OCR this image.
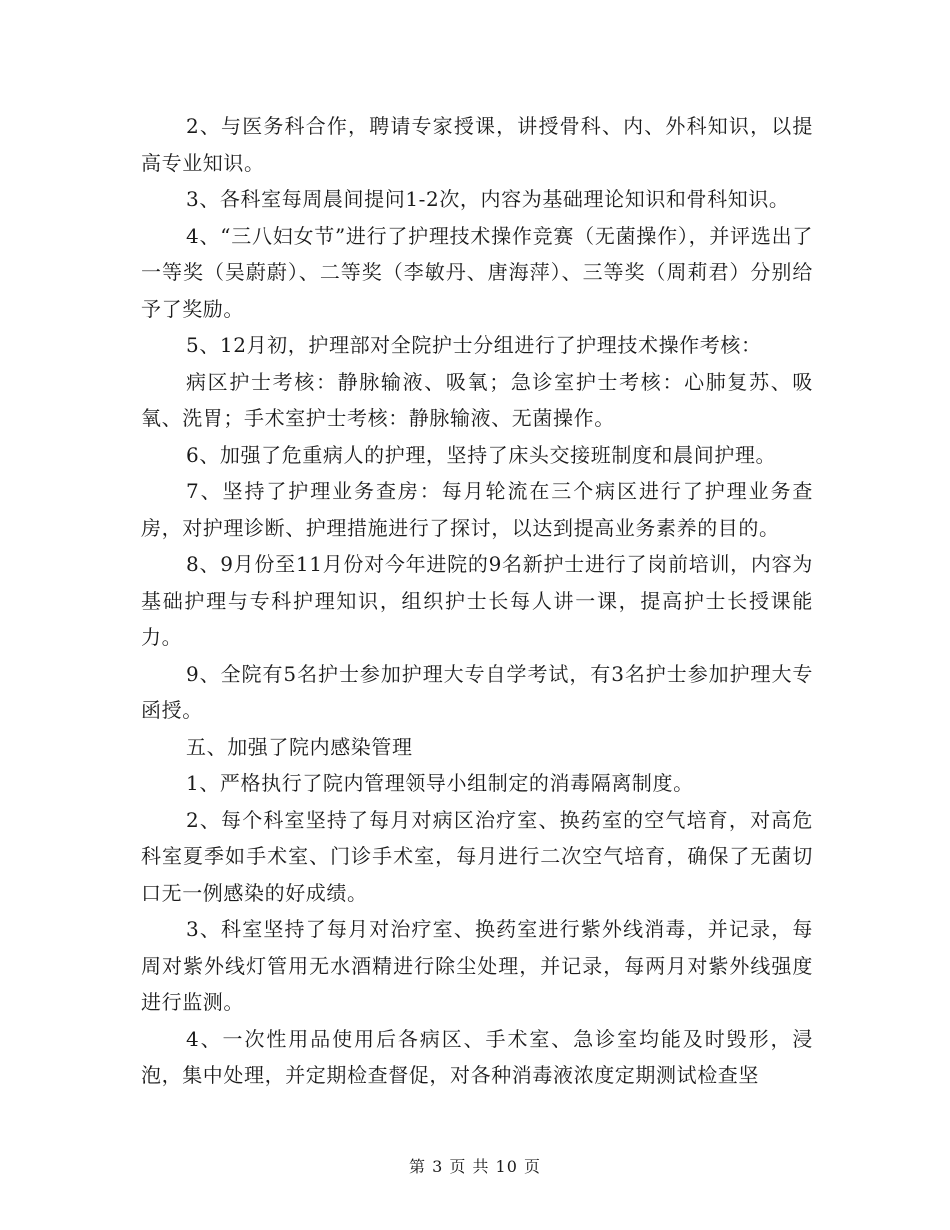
2、与医务科合作，聘请专家授课，讲授骨科、内、外科知识，以提高专业知识。

3、各科室每周晨间提问1-2次，内容为基础理论知识和骨科知识。

4、“三八妇女节”进行了护理技术操作竞赛（无菌操作），并评选出了一等奖（吴蔚蔚）、二等奖（李敏丹、唐海萍）、三等奖（周莉君）分别给予了奖励。

5、12月初，护理部对全院护士分组进行了护理技术操作考核：

病区护士考核：静脉输液、吸氧；急诊室护士考核：心肺复苏、吸氧、洗胃；手术室护士考核：静脉输液、无菌操作。

6、加强了危重病人的护理，坚持了床头交接班制度和晨间护理。

7、坚持了护理业务查房：每月轮流在三个病区进行了护理业务查房，对护理诊断、护理措施进行了探讨，以达到提高业务素养的目的。

8、9月份至11月份对今年进院的9名新护士进行了岗前培训，内容为基础护理与专科护理知识，组织护士长每人讲一课，提高护士长授课能力。

9、全院有5名护士参加护理大专自学考试，有3名护士参加护理大专函授。

五、加强了院内感染管理

1、严格执行了院内管理领导小组制定的消毒隔离制度。

2、每个科室坚持了每月对病区治疗室、换药室的空气培育，对高危科室夏季如手术室、门诊手术室，每月进行二次空气培育，确保了无菌切口无一例感染的好成绩。

3、科室坚持了每月对治疗室、换药室进行紫外线消毒，并记录，每周对紫外线灯管用无水酒精进行除尘处理，并记录，每两月对紫外线强度进行监测。

4、一次性用品使用后各病区、手术室、急诊室均能及时毁形，浸泡，集中处理，并定期检查督促，对各种消毒液浓度定期测试检查坚

第 3 页 共 10 页
